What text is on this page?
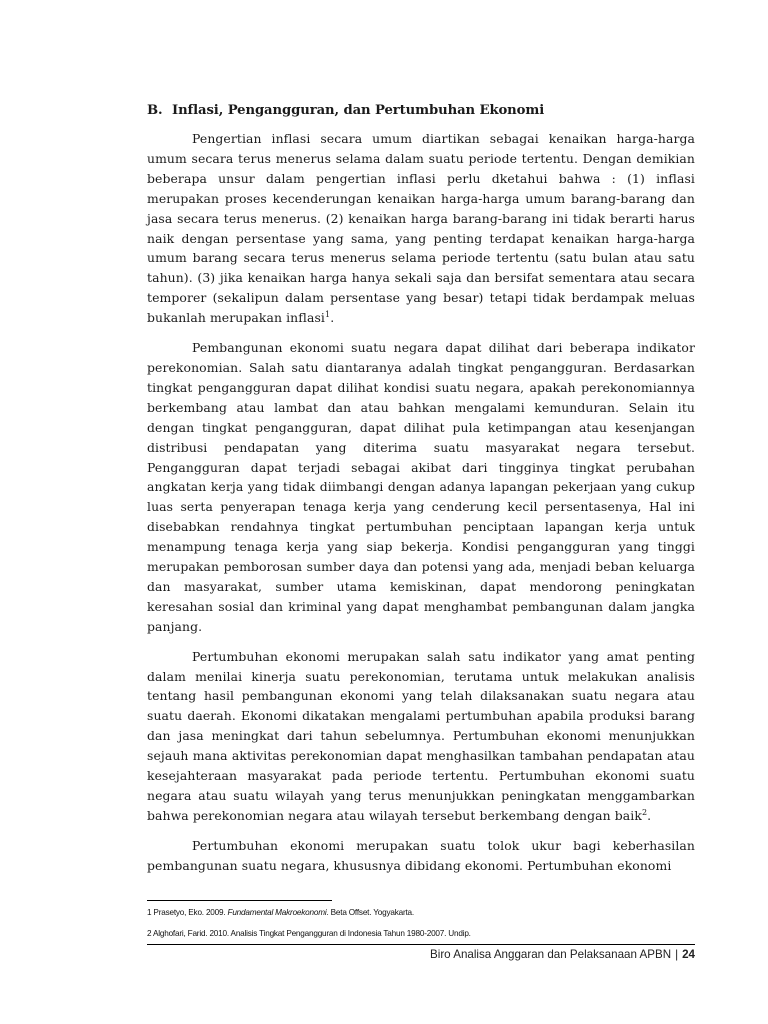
B. Inflasi, Pengangguran, dan Pertumbuhan Ekonomi

Pengertian inflasi secara umum diartikan sebagai kenaikan harga-harga umum secara terus menerus selama dalam suatu periode tertentu. Dengan demikian beberapa unsur dalam pengertian inflasi perlu dketahui bahwa : (1) inflasi merupakan proses kecenderungan kenaikan harga-harga umum barang-barang dan jasa secara terus menerus. (2) kenaikan harga barang-barang ini tidak berarti harus naik dengan persentase yang sama, yang penting terdapat kenaikan harga-harga umum barang secara terus menerus selama periode tertentu (satu bulan atau satu tahun). (3) jika kenaikan harga hanya sekali saja dan bersifat sementara atau secara temporer (sekalipun dalam persentase yang besar) tetapi tidak berdampak meluas bukanlah merupakan inflasi$^1$.

Pembangunan ekonomi suatu negara dapat dilihat dari beberapa indikator perekonomian. Salah satu diantaranya adalah tingkat pengangguran. Berdasarkan tingkat pengangguran dapat dilihat kondisi suatu negara, apakah perekonomiannya berkembang atau lambat dan atau bahkan mengalami kemunduran. Selain itu dengan tingkat pengangguran, dapat dilihat pula ketimpangan atau kesenjangan distribusi pendapatan yang diterima suatu masyarakat negara tersebut. Pengangguran dapat terjadi sebagai akibat dari tingginya tingkat perubahan angkatan kerja yang tidak diimbangi dengan adanya lapangan pekerjaan yang cukup luas serta penyerapan tenaga kerja yang cenderung kecil persentasenya, Hal ini disebabkan rendahnya tingkat pertumbuhan penciptaan lapangan kerja untuk menampung tenaga kerja yang siap bekerja. Kondisi pengangguran yang tinggi merupakan pemborosan sumber daya dan potensi yang ada, menjadi beban keluarga dan masyarakat, sumber utama kemiskinan, dapat mendorong peningkatan keresahan sosial dan kriminal yang dapat menghambat pembangunan dalam jangka panjang.

Pertumbuhan ekonomi merupakan salah satu indikator yang amat penting dalam menilai kinerja suatu perekonomian, terutama untuk melakukan analisis tentang hasil pembangunan ekonomi yang telah dilaksanakan suatu negara atau suatu daerah. Ekonomi dikatakan mengalami pertumbuhan apabila produksi barang dan jasa meningkat dari tahun sebelumnya. Pertumbuhan ekonomi menunjukkan sejauh mana aktivitas perekonomian dapat menghasilkan tambahan pendapatan atau kesejahteraan masyarakat pada periode tertentu. Pertumbuhan ekonomi suatu negara atau suatu wilayah yang terus menunjukkan peningkatan menggambarkan bahwa perekonomian negara atau wilayah tersebut berkembang dengan baik$^2$.

Pertumbuhan ekonomi merupakan suatu tolok ukur bagi keberhasilan pembangunan suatu negara, khususnya dibidang ekonomi. Pertumbuhan ekonomi

1 Prasetyo, Eko. 2009. Fundamental Makroekonomi. Beta Offset. Yogyakarta.
2 Alghofari, Farid. 2010. Analisis Tingkat Pengangguran di Indonesia Tahun 1980-2007. Undip.
Biro Analisa Anggaran dan Pelaksanaan APBN | 24
